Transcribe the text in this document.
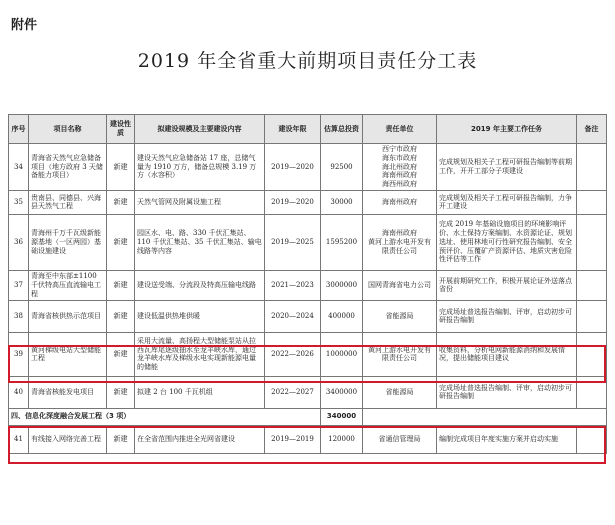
附件
2019 年全省重大前期项目责任分工表
序号	项目名称	建设性质	拟建设规模及主要建设内容	建设年限	估算总投资	责任单位	2019 年主要工作任务	备注
34	青海省天然气应急储备项目（地方政府 3 天储备能力项目）	新建	建设天然气应急储备站 17 座，总储气量为 1910 万方，储备总规模 3.19 万方（水容积）	2019—2020	92500	西宁市政府
海东市政府
海北州政府
海南州政府
海西州政府	完成规划及相关子工程可研报告编制等前期工作，开开工部分子项建设	
35	贵南县、同德县、兴海县天然气工程	新建	天然气管网及附属设施工程	2019—2020	30000	海南州政府	完成规划及相关子工程可研报告编制，力争开工建设	
36	青海州千万千瓦级新能源基地（一区两园）基础设施建设	新建	园区水、电、路、330 千伏汇集站、110 千伏汇集站、35 千伏汇集站、输电线路等内容	2019—2025	1595200	海南州政府
黄河上游水电开发有限责任公司	完成 2019 年基础设施项目的环境影响评价、水土保持方案编制、水资源论证、规划选址、使用林地可行性研究报告编制、安全预评价、压覆矿产资源评估、地质灾害危险性评估等工作	
37	青海至中东部±1100 千伏特高压直流输电工程	新建	建设送受端、分流段及特高压输电线路	2021—2023	3000000	国网青海省电力公司	开展前期研究工作，积极开展论证外送落点省份	
38	青海省核供热示范项目	新建	建设低温供热堆供暖	2020—2024	400000	省能源局	完成场址普选报告编制、评审，启动初步可研报告编制	
39	黄河梯级电站大型储能工程	新建	采用大流量、高扬程大型储能泵站从拉西瓦库尾逐级抽水至龙羊峡水库，通过龙羊峡水库及梯级水电实现新能源电量的储能	2022—2026	1000000	黄河上游水电开发有限责任公司	收集资料，分析电网新能源消纳和发展情况，提出储能项目建议	
40	青海省核能发电项目	新建	拟建 2 台 100 千瓦机组	2022—2027	3400000	省能源局	完成场址普选报告编制、评审，启动初步可研报告编制	
四、信息化深度融合发展工程（3 项）					340000			
41	有线接入网络完善工程	新建	在全省范围内推进全光网省建设	2019—2019	120000	省通信管理局	编制完成项目年度实施方案并启动实施	
